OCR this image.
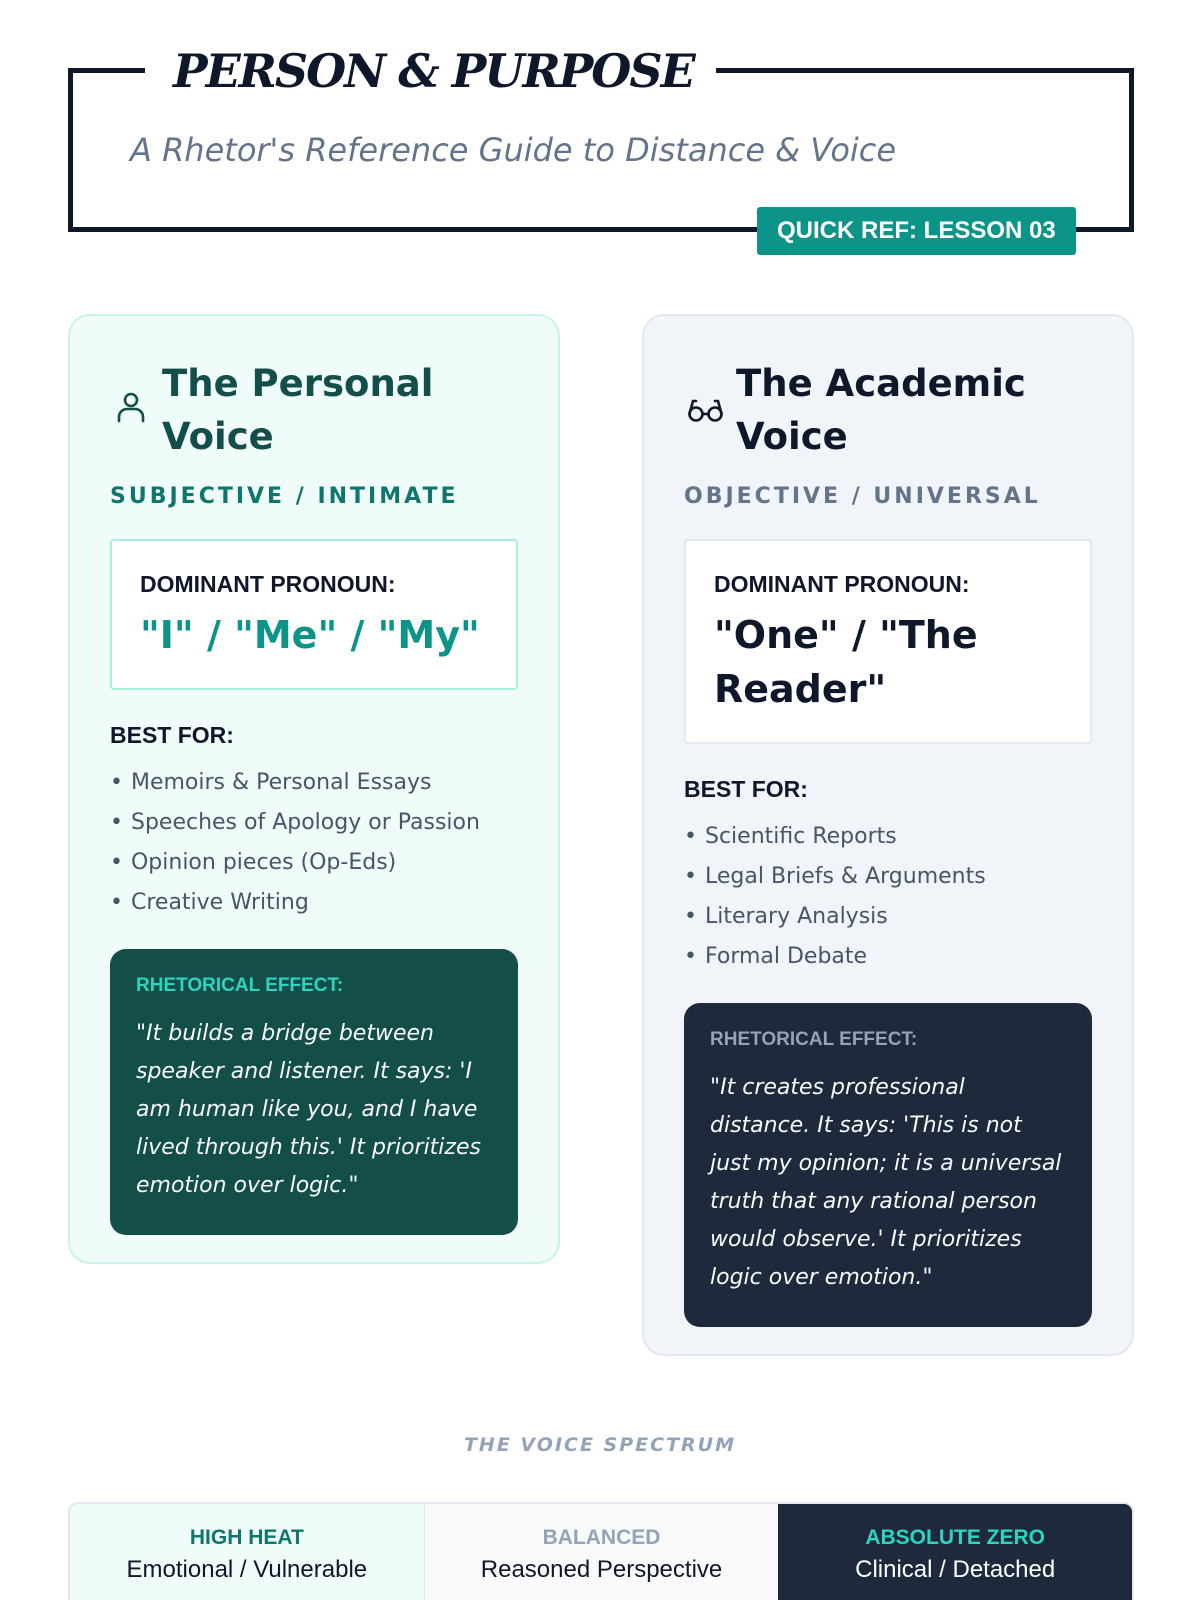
PERSON & PURPOSE
A Rhetor's Reference Guide to Distance & Voice
QUICK REF: LESSON 03
The Personal Voice
SUBJECTIVE / INTIMATE
DOMINANT PRONOUN:
"I" / "Me" / "My"
BEST FOR:
• Memoirs & Personal Essays
• Speeches of Apology or Passion
• Opinion pieces (Op-Eds)
• Creative Writing
RHETORICAL EFFECT:
"It builds a bridge between speaker and listener. It says: 'I am human like you, and I have lived through this.' It prioritizes emotion over logic."
The Academic Voice
OBJECTIVE / UNIVERSAL
DOMINANT PRONOUN:
"One" / "The Reader"
BEST FOR:
• Scientific Reports
• Legal Briefs & Arguments
• Literary Analysis
• Formal Debate
RHETORICAL EFFECT:
"It creates professional distance. It says: 'This is not just my opinion; it is a universal truth that any rational person would observe.' It prioritizes logic over emotion."
THE VOICE SPECTRUM
HIGH HEAT
Emotional / Vulnerable
BALANCED
Reasoned Perspective
ABSOLUTE ZERO
Clinical / Detached
